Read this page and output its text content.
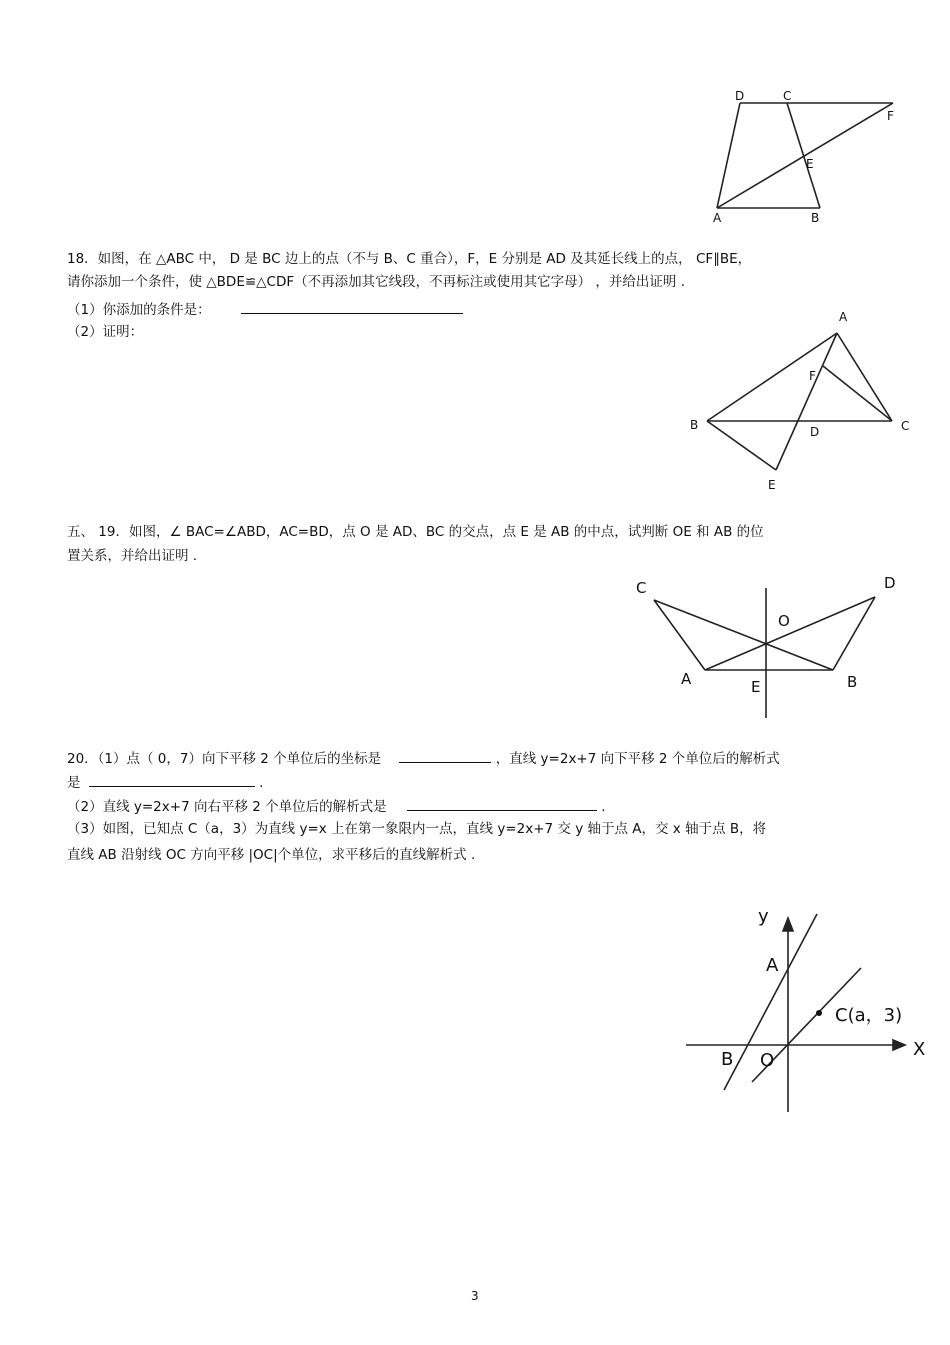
D	C
F
E
A	B
18．如图，在 △ABC 中， D 是 BC 边上的点（不与 B、C 重合），F，E 分别是 AD 及其延长线上的点， CF∥BE，
请你添加一个条件，使 △BDE≌△CDF（不再添加其它线段，不再标注或使用其它字母） ，并给出证明 .
（1）你添加的条件是：
（2）证明：
A
F
B	D	C
E
五、 19．如图，∠ BAC=∠ABD，AC=BD，点 O 是 AD、BC 的交点，点 E 是 AB 的中点，试判断 OE 和 AB 的位
置关系，并给出证明 .
C	D
O
A	E	B
20．（1）点（ 0，7）向下平移 2 个单位后的坐标是	，直线 y=2x+7 向下平移 2 个单位后的解析式
是	.
（2）直线 y=2x+7 向右平移 2 个单位后的解析式是	.
（3）如图，已知点 C（a，3）为直线 y=x 上在第一象限内一点，直线 y=2x+7 交 y 轴于点 A，交 x 轴于点 B，将
直线 AB 沿射线 OC 方向平移 |OC|个单位，求平移后的直线解析式 .
y
A
C(a，3)
X
B O
3
